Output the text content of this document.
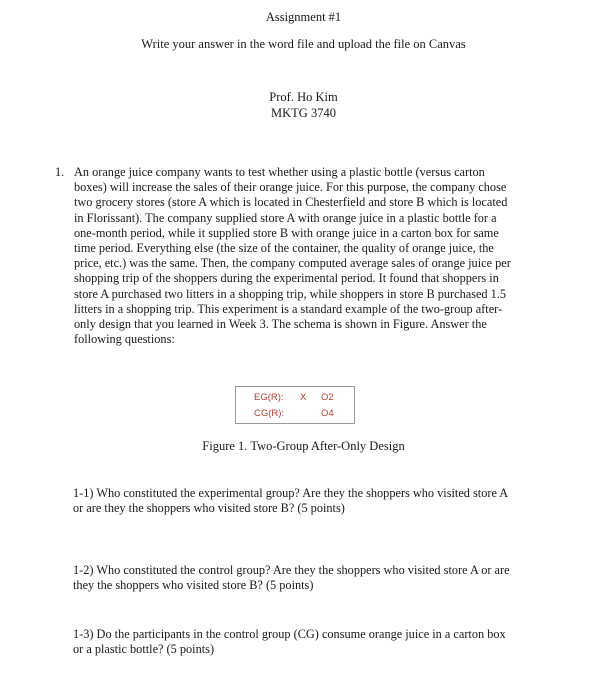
Assignment #1
Write your answer in the word file and upload the file on Canvas
Prof. Ho Kim
MKTG 3740
1. An orange juice company wants to test whether using a plastic bottle (versus carton
boxes) will increase the sales of their orange juice. For this purpose, the company chose
two grocery stores (store A which is located in Chesterfield and store B which is located
in Florissant). The company supplied store A with orange juice in a plastic bottle for a
one-month period, while it supplied store B with orange juice in a carton box for same
time period. Everything else (the size of the container, the quality of orange juice, the
price, etc.) was the same. Then, the company computed average sales of orange juice per
shopping trip of the shoppers during the experimental period. It found that shoppers in
store A purchased two litters in a shopping trip, while shoppers in store B purchased 1.5
litters in a shopping trip. This experiment is a standard example of the two-group after-
only design that you learned in Week 3. The schema is shown in Figure. Answer the
following questions:
EG(R): X O2
CG(R):	O4
Figure 1. Two-Group After-Only Design
1-1) Who constituted the experimental group? Are they the shoppers who visited store A
or are they the shoppers who visited store B? (5 points)
1-2) Who constituted the control group? Are they the shoppers who visited store A or are
they the shoppers who visited store B? (5 points)
1-3) Do the participants in the control group (CG) consume orange juice in a carton box
or a plastic bottle? (5 points)
